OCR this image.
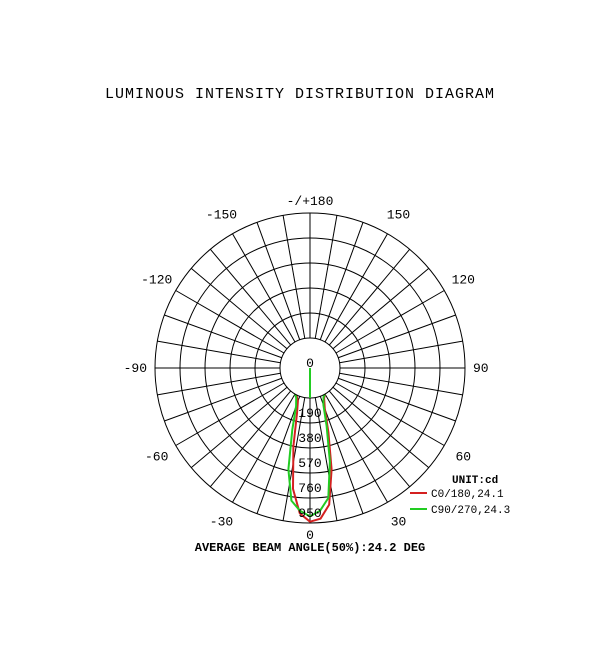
LUMINOUS INTENSITY DISTRIBUTION DIAGRAM
-/+180
150
-150
120
-120
90
-90
60
-60
30
-30
0
0
190
380
570
760
950
UNIT:cd
C0/180,24.1
C90/270,24.3
AVERAGE BEAM ANGLE(50%):24.2 DEG
